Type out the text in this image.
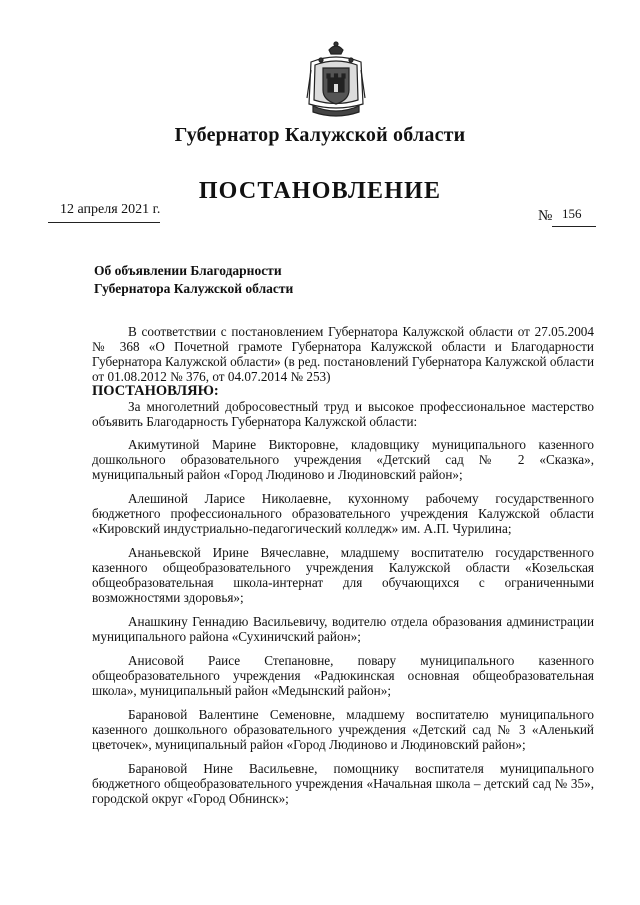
Губернатор Калужской области
ПОСТАНОВЛЕНИЕ
12 апреля 2021 г.	№ 156
Об объявлении Благодарности
Губернатора Калужской области

В соответствии с постановлением Губернатора Калужской области от 27.05.2004 № 368 «О Почетной грамоте Губернатора Калужской области и Благодарности Губернатора Калужской области» (в ред. постановлений Губернатора Калужской области от 01.08.2012 № 376, от 04.07.2014 № 253)

ПОСТАНОВЛЯЮ:

За многолетний добросовестный труд и высокое профессиональное мастерство объявить Благодарность Губернатора Калужской области:

Акимутиной Марине Викторовне, кладовщику муниципального казенного дошкольного образовательного учреждения «Детский сад № 2 «Сказка», муниципальный район «Город Людиново и Людиновский район»;

Алешиной Ларисе Николаевне, кухонному рабочему государственного бюджетного профессионального образовательного учреждения Калужской области «Кировский индустриально-педагогический колледж» им. А.П. Чурилина;

Ананьевской Ирине Вячеславне, младшему воспитателю государственного казенного общеобразовательного учреждения Калужской области «Козельская общеобразовательная школа-интернат для обучающихся с ограниченными возможностями здоровья»;

Анашкину Геннадию Васильевичу, водителю отдела образования администрации муниципального района «Сухиничский район»;

Анисовой Раисе Степановне, повару муниципального казенного общеобразовательного учреждения «Радюкинская основная общеобразовательная школа», муниципальный район «Медынский район»;

Барановой Валентине Семеновне, младшему воспитателю муниципального казенного дошкольного образовательного учреждения «Детский сад № 3 «Аленький цветочек», муниципальный район «Город Людиново и Людиновский район»;

Барановой Нине Васильевне, помощнику воспитателя муниципального бюджетного общеобразовательного учреждения «Начальная школа – детский сад № 35», городской округ «Город Обнинск»;
